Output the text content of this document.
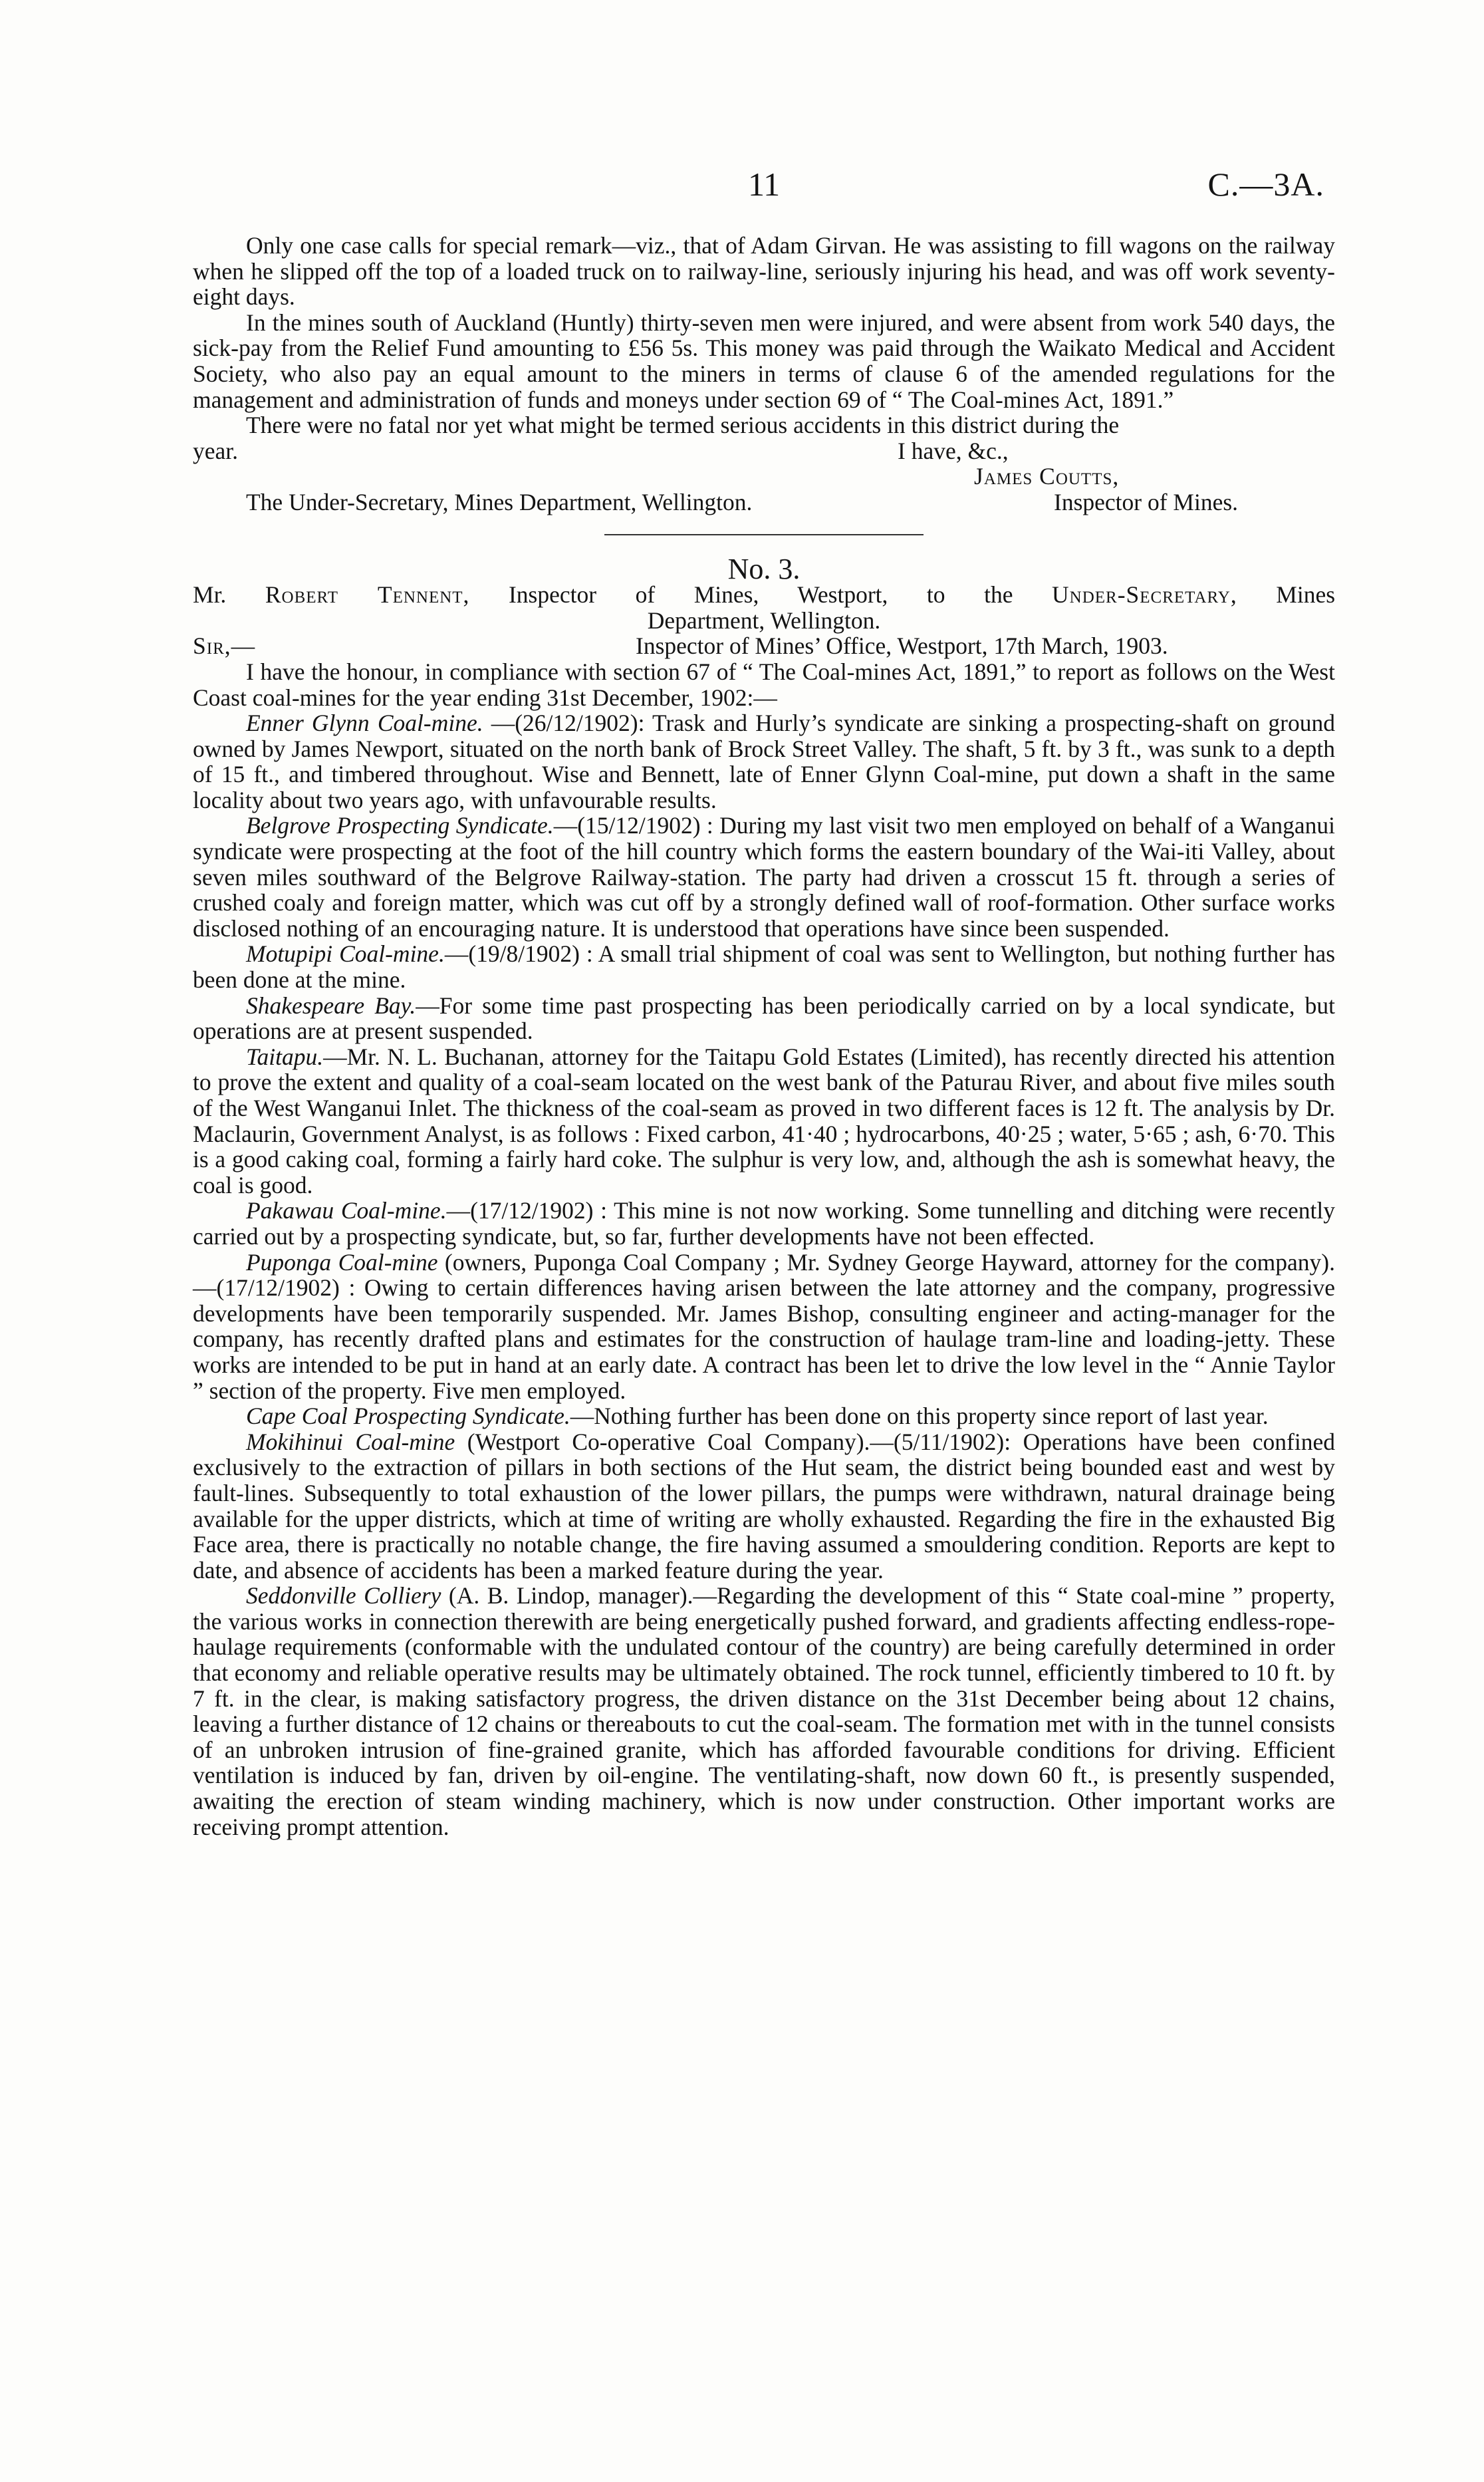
11	C.—3A.

Only one case calls for special remark—viz., that of Adam Girvan. He was assisting to fill wagons on the railway when he slipped off the top of a loaded truck on to railway-line, seriously injuring his head, and was off work seventy-eight days.

In the mines south of Auckland (Huntly) thirty-seven men were injured, and were absent from work 540 days, the sick-pay from the Relief Fund amounting to £56 5s. This money was paid through the Waikato Medical and Accident Society, who also pay an equal amount to the miners in terms of clause 6 of the amended regulations for the management and administration of funds and moneys under section 69 of “ The Coal-mines Act, 1891.”

There were no fatal nor yet what might be termed serious accidents in this district during the

year.	I have, &c.,
James Coutts,
The Under-Secretary, Mines Department, Wellington.	Inspector of Mines.

No. 3.

Mr. Robert Tennent, Inspector of Mines, Westport, to the Under-Secretary, Mines

Department, Wellington.

Sir,—	Inspector of Mines’ Office, Westport, 17th March, 1903.

I have the honour, in compliance with section 67 of “ The Coal-mines Act, 1891,” to report as follows on the West Coast coal-mines for the year ending 31st December, 1902:—

Enner Glynn Coal-mine. —(26/12/1902): Trask and Hurly’s syndicate are sinking a prospecting-shaft on ground owned by James Newport, situated on the north bank of Brock Street Valley. The shaft, 5 ft. by 3 ft., was sunk to a depth of 15 ft., and timbered throughout. Wise and Bennett, late of Enner Glynn Coal-mine, put down a shaft in the same locality about two years ago, with unfavourable results.

Belgrove Prospecting Syndicate.—(15/12/1902) : During my last visit two men employed on behalf of a Wanganui syndicate were prospecting at the foot of the hill country which forms the eastern boundary of the Wai-iti Valley, about seven miles southward of the Belgrove Railway-station. The party had driven a crosscut 15 ft. through a series of crushed coaly and foreign matter, which was cut off by a strongly defined wall of roof-formation. Other surface works disclosed nothing of an encouraging nature. It is understood that operations have since been suspended.

Motupipi Coal-mine.—(19/8/1902) : A small trial shipment of coal was sent to Wellington, but nothing further has been done at the mine.

Shakespeare Bay.—For some time past prospecting has been periodically carried on by a local syndicate, but operations are at present suspended.

Taitapu.—Mr. N. L. Buchanan, attorney for the Taitapu Gold Estates (Limited), has recently directed his attention to prove the extent and quality of a coal-seam located on the west bank of the Paturau River, and about five miles south of the West Wanganui Inlet. The thickness of the coal-seam as proved in two different faces is 12 ft. The analysis by Dr. Maclaurin, Government Analyst, is as follows : Fixed carbon, 41·40 ; hydrocarbons, 40·25 ; water, 5·65 ; ash, 6·70. This is a good caking coal, forming a fairly hard coke. The sulphur is very low, and, although the ash is somewhat heavy, the coal is good.

Pakawau Coal-mine.—(17/12/1902) : This mine is not now working. Some tunnelling and ditching were recently carried out by a prospecting syndicate, but, so far, further developments have not been effected.

Puponga Coal-mine (owners, Puponga Coal Company ; Mr. Sydney George Hayward, attorney for the company).—(17/12/1902) : Owing to certain differences having arisen between the late attorney and the company, progressive developments have been temporarily suspended. Mr. James Bishop, consulting engineer and acting-manager for the company, has recently drafted plans and estimates for the construction of haulage tram-line and loading-jetty. These works are intended to be put in hand at an early date. A contract has been let to drive the low level in the “ Annie Taylor ” section of the property. Five men employed.

Cape Coal Prospecting Syndicate.—Nothing further has been done on this property since report of last year.

Mokihinui Coal-mine (Westport Co-operative Coal Company).—(5/11/1902): Operations have been confined exclusively to the extraction of pillars in both sections of the Hut seam, the district being bounded east and west by fault-lines. Subsequently to total exhaustion of the lower pillars, the pumps were withdrawn, natural drainage being available for the upper districts, which at time of writing are wholly exhausted. Regarding the fire in the exhausted Big Face area, there is practically no notable change, the fire having assumed a smouldering condition. Reports are kept to date, and absence of accidents has been a marked feature during the year.

Seddonville Colliery (A. B. Lindop, manager).—Regarding the development of this “ State coal-mine ” property, the various works in connection therewith are being energetically pushed forward, and gradients affecting endless-rope-haulage requirements (conformable with the undulated contour of the country) are being carefully determined in order that economy and reliable operative results may be ultimately obtained. The rock tunnel, efficiently timbered to 10 ft. by 7 ft. in the clear, is making satisfactory progress, the driven distance on the 31st December being about 12 chains, leaving a further distance of 12 chains or thereabouts to cut the coal-seam. The formation met with in the tunnel consists of an unbroken intrusion of fine-grained granite, which has afforded favourable conditions for driving. Efficient ventilation is induced by fan, driven by oil-engine. The ventilating-shaft, now down 60 ft., is presently suspended, awaiting the erection of steam winding machinery, which is now under construction. Other important works are receiving prompt attention.
